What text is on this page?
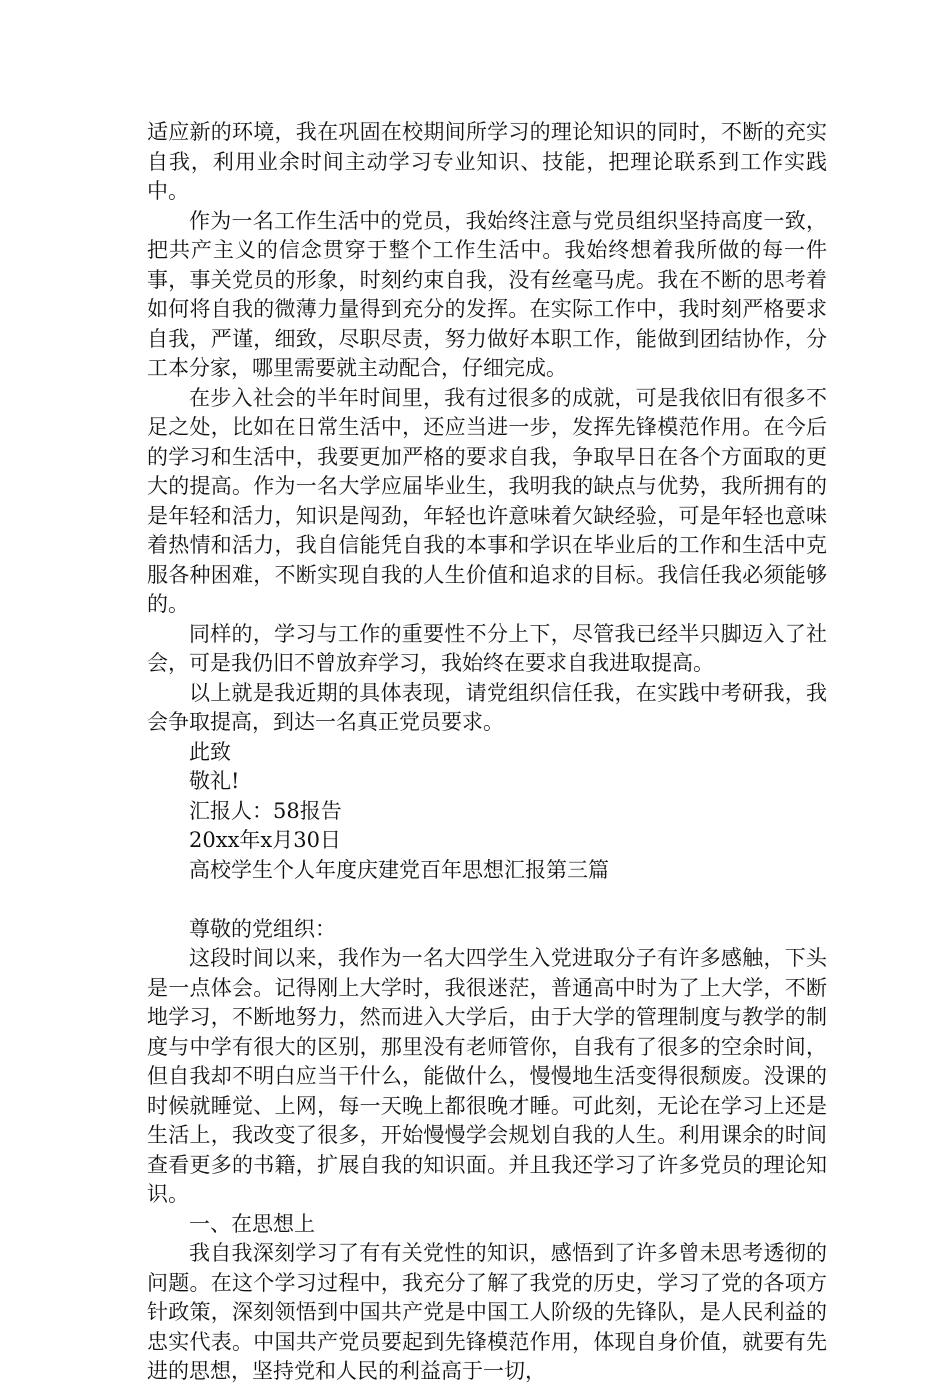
适应新的环境，我在巩固在校期间所学习的理论知识的同时，不断的充实自我，利用业余时间主动学习专业知识、技能，把理论联系到工作实践中。

作为一名工作生活中的党员，我始终注意与党员组织坚持高度一致，把共产主义的信念贯穿于整个工作生活中。我始终想着我所做的每一件事，事关党员的形象，时刻约束自我，没有丝毫马虎。我在不断的思考着如何将自我的微薄力量得到充分的发挥。在实际工作中，我时刻严格要求自我，严谨，细致，尽职尽责，努力做好本职工作，能做到团结协作，分工本分家，哪里需要就主动配合，仔细完成。

在步入社会的半年时间里，我有过很多的成就，可是我依旧有很多不足之处，比如在日常生活中，还应当进一步，发挥先锋模范作用。在今后的学习和生活中，我要更加严格的要求自我，争取早日在各个方面取的更大的提高。作为一名大学应届毕业生，我明我的缺点与优势，我所拥有的是年轻和活力，知识是闯劲，年轻也许意味着欠缺经验，可是年轻也意味着热情和活力，我自信能凭自我的本事和学识在毕业后的工作和生活中克服各种困难，不断实现自我的人生价值和追求的目标。我信任我必须能够的。

同样的，学习与工作的重要性不分上下，尽管我已经半只脚迈入了社会，可是我仍旧不曾放弃学习，我始终在要求自我进取提高。

以上就是我近期的具体表现，请党组织信任我，在实践中考研我，我会争取提高，到达一名真正党员要求。

此致

敬礼!

汇报人：58报告

20xx年x月30日

高校学生个人年度庆建党百年思想汇报第三篇

尊敬的党组织：

这段时间以来，我作为一名大四学生入党进取分子有许多感触，下头是一点体会。记得刚上大学时，我很迷茫，普通高中时为了上大学，不断地学习，不断地努力，然而进入大学后，由于大学的管理制度与教学的制度与中学有很大的区别，那里没有老师管你，自我有了很多的空余时间，但自我却不明白应当干什么，能做什么，慢慢地生活变得很颓废。没课的时候就睡觉、上网，每一天晚上都很晚才睡。可此刻，无论在学习上还是生活上，我改变了很多，开始慢慢学会规划自我的人生。利用课余的时间查看更多的书籍，扩展自我的知识面。并且我还学习了许多党员的理论知识。

一、在思想上

我自我深刻学习了有有关党性的知识，感悟到了许多曾未思考透彻的问题。在这个学习过程中，我充分了解了我党的历史，学习了党的各项方针政策，深刻领悟到中国共产党是中国工人阶级的先锋队，是人民利益的忠实代表。中国共产党员要起到先锋模范作用，体现自身价值，就要有先进的思想，坚持党和人民的利益高于一切，
